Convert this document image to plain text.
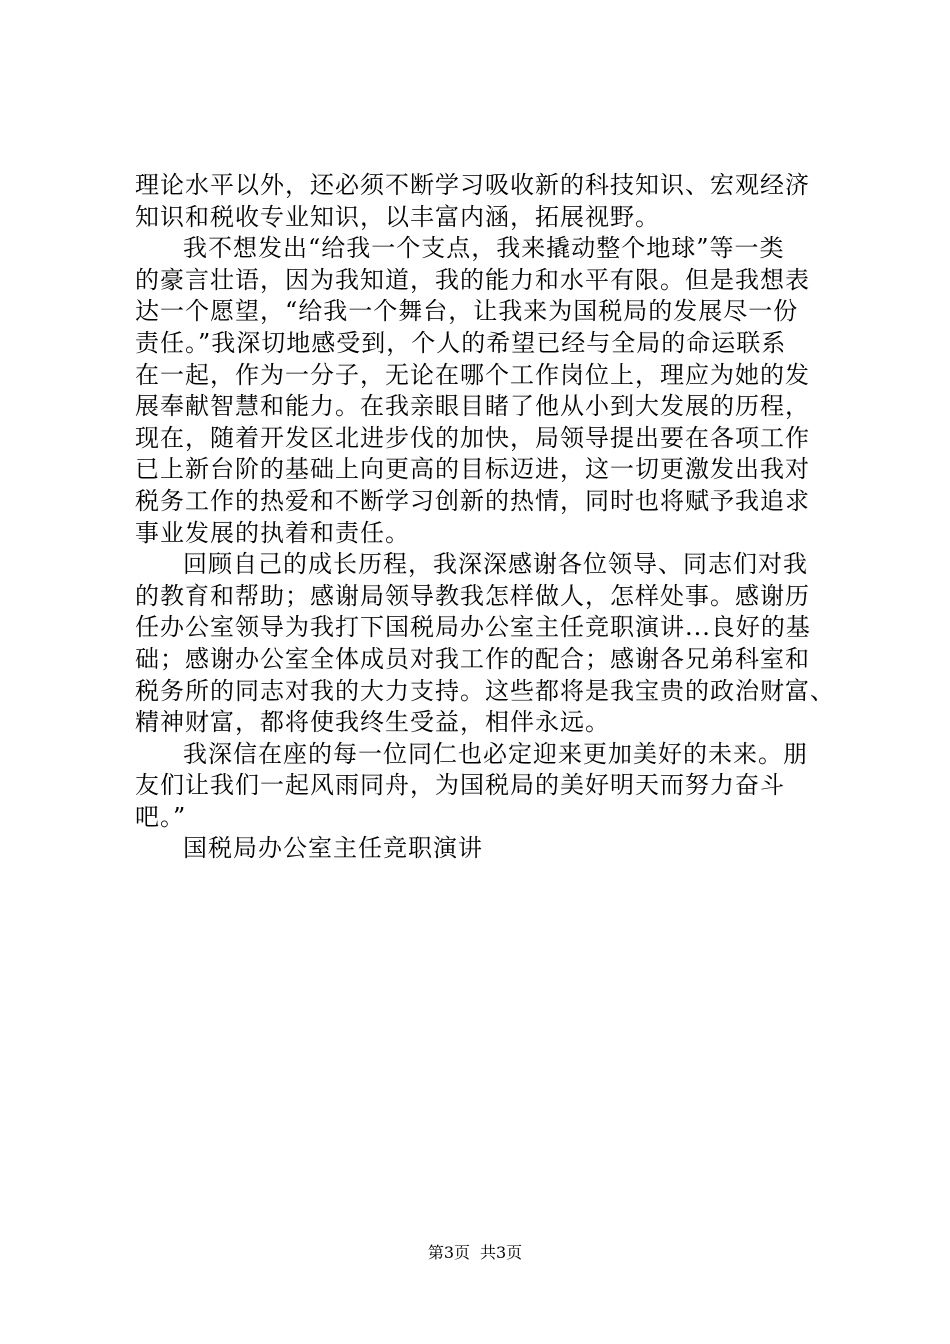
理论水平以外，还必须不断学习吸收新的科技知识、宏观经济
知识和税收专业知识，以丰富内涵，拓展视野。
我不想发出“给我一个支点，我来撬动整个地球”等一类
的豪言壮语，因为我知道，我的能力和水平有限。但是我想表
达一个愿望，“给我一个舞台，让我来为国税局的发展尽一份
责任。”我深切地感受到，个人的希望已经与全局的命运联系
在一起，作为一分子，无论在哪个工作岗位上，理应为她的发
展奉献智慧和能力。在我亲眼目睹了他从小到大发展的历程，
现在，随着开发区北进步伐的加快，局领导提出要在各项工作
已上新台阶的基础上向更高的目标迈进，这一切更激发出我对
税务工作的热爱和不断学习创新的热情，同时也将赋予我追求
事业发展的执着和责任。
回顾自己的成长历程，我深深感谢各位领导、同志们对我
的教育和帮助；感谢局领导教我怎样做人，怎样处事。感谢历
任办公室领导为我打下国税局办公室主任竞职演讲...良好的基
础；感谢办公室全体成员对我工作的配合；感谢各兄弟科室和
税务所的同志对我的大力支持。这些都将是我宝贵的政治财富、
精神财富，都将使我终生受益，相伴永远。
我深信在座的每一位同仁也必定迎来更加美好的未来。朋
友们让我们一起风雨同舟，为国税局的美好明天而努力奋斗
吧。”
国税局办公室主任竞职演讲
第3页 共3页
